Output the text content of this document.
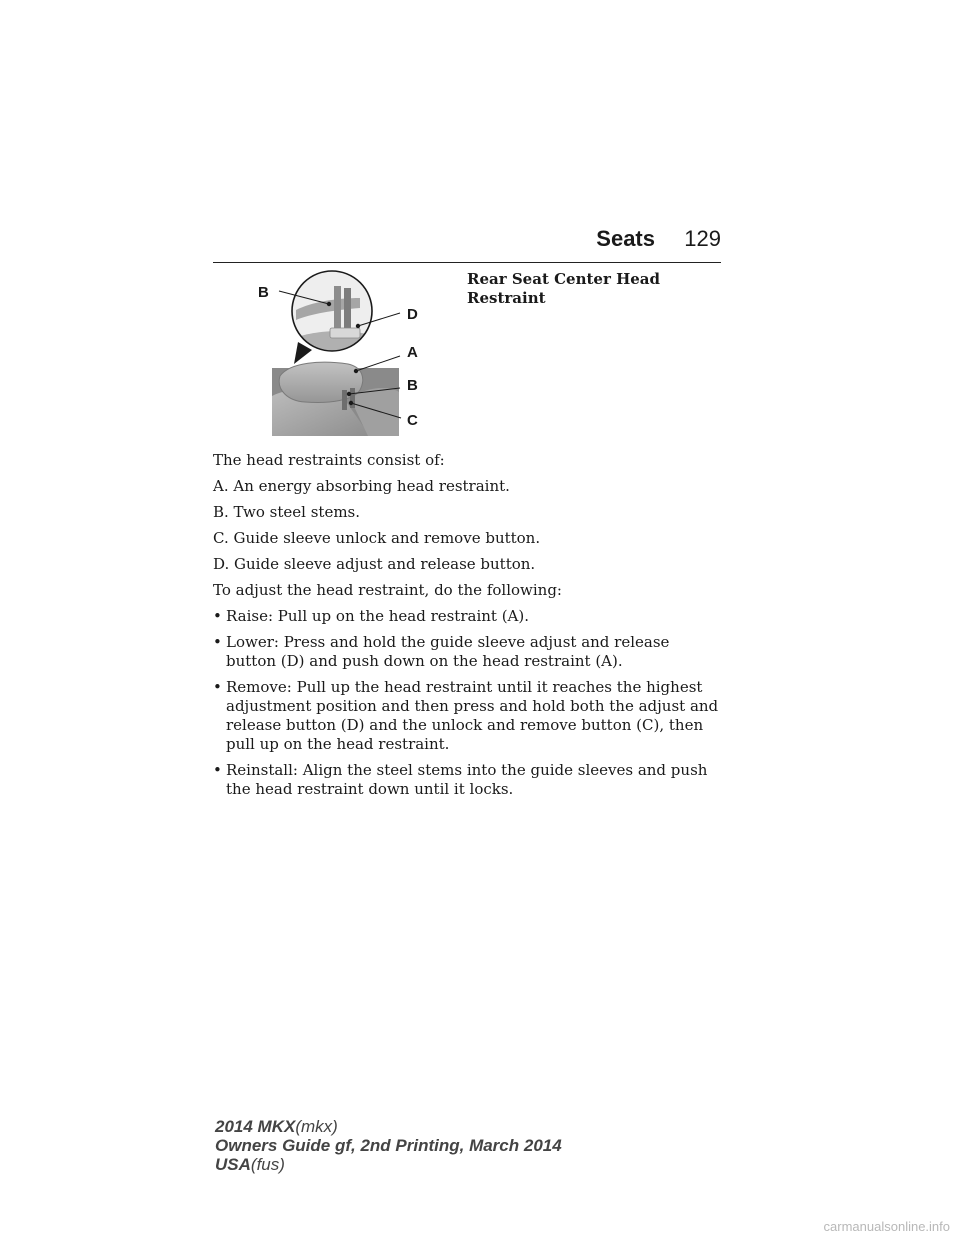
Seats 129
B
D
A
B
C
Rear Seat Center Head Restraint

The head restraints consist of:

A. An energy absorbing head restraint.

B. Two steel stems.

C. Guide sleeve unlock and remove button.

D. Guide sleeve adjust and release button.

To adjust the head restraint, do the following:

• Raise: Pull up on the head restraint (A).
• Lower: Press and hold the guide sleeve adjust and release button (D) and push down on the head restraint (A).
• Remove: Pull up the head restraint until it reaches the highest adjustment position and then press and hold both the adjust and release button (D) and the unlock and remove button (C), then pull up on the head restraint.
• Reinstall: Align the steel stems into the guide sleeves and push the head restraint down until it locks.
2014 MKX(mkx)
Owners Guide gf, 2nd Printing, March 2014
USA(fus)
carmanualsonline.info
